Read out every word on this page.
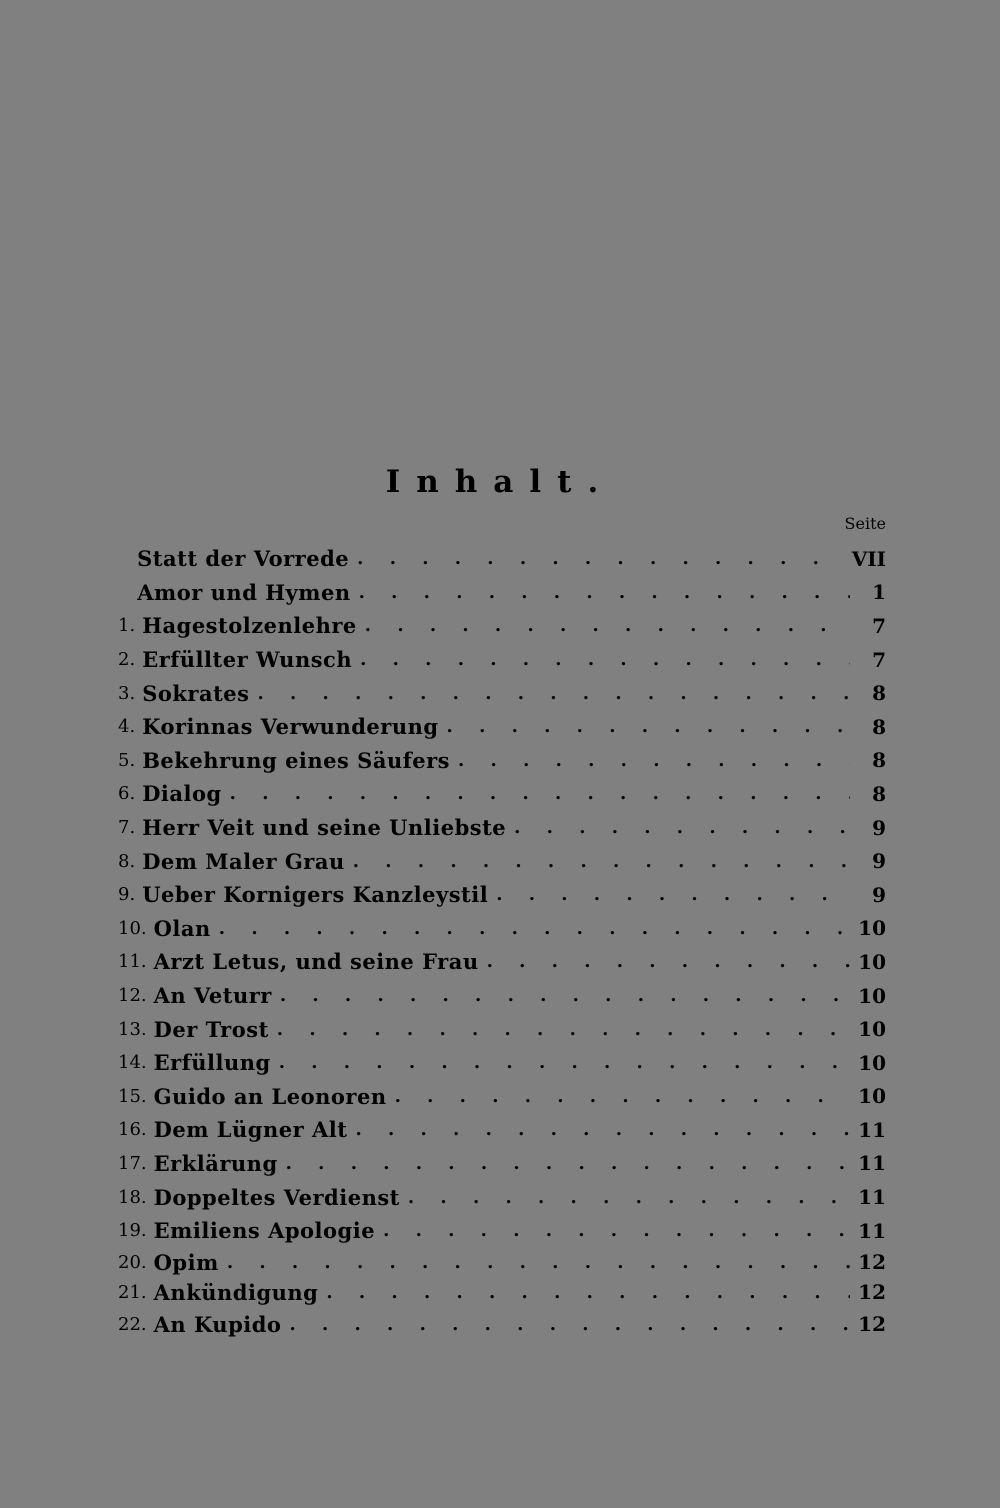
Inhalt.
Seite
Statt der Vorrede . . .	VII
Amor und Hymen . . .	1
1. Hagestolzenlehre . . .	7
2. Erfüllter Wunsch . . .	7
3. Sokrates . . .	8
4. Korinnas Verwunderung . . .	8
5. Bekehrung eines Säufers . . .	8
6. Dialog . . .	8
7. Herr Veit und seine Unliebste . . .	9
8. Dem Maler Grau . . .	9
9. Ueber Kornigers Kanzleystil . . .	9
10. Olan . . .	10
11. Arzt Letus, und seine Frau . . .	10
12. An Veturr . . .	10
13. Der Trost . . .	10
14. Erfüllung . . .	10
15. Guido an Leonoren . . .	10
16. Dem Lügner Alt . . .	11
17. Erklärung . . .	11
18. Doppeltes Verdienst . . .	11
19. Emiliens Apologie . . .	11
20. Opim . . .	12
21. Ankündigung . . .	12
22. An Kupido . . .	12
